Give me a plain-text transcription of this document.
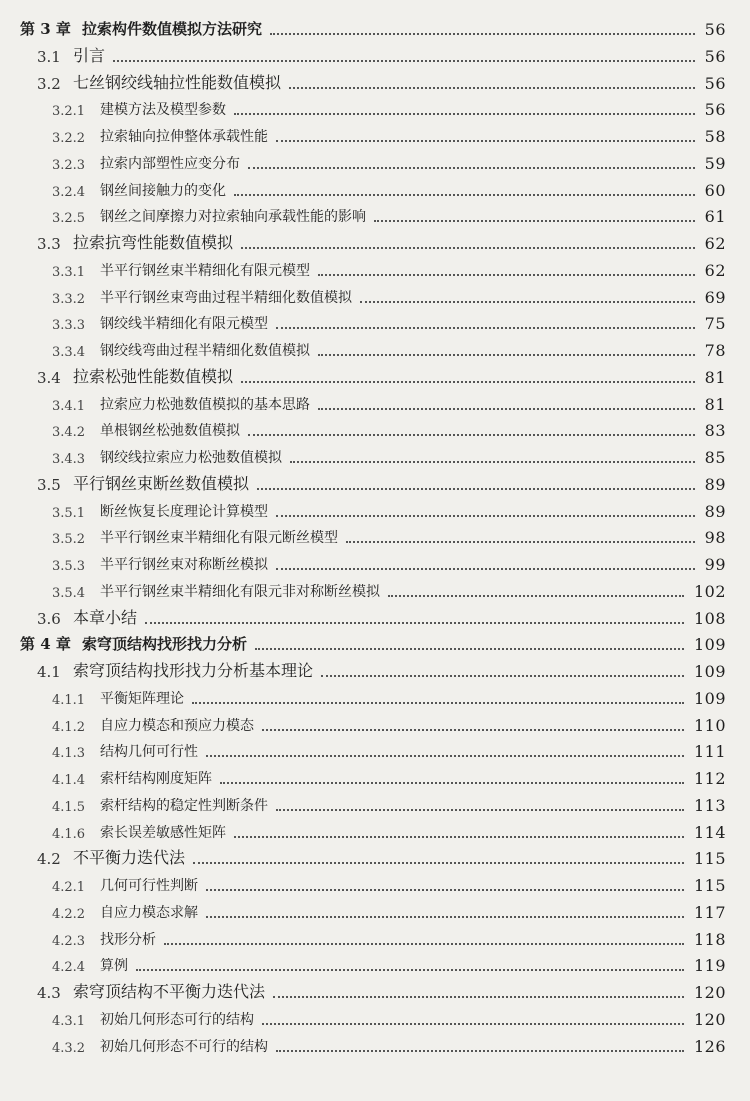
第 3 章 拉索构件数值模拟方法研究	56
3.1 引言	56
3.2 七丝钢绞线轴拉性能数值模拟	56
3.2.1	建模方法及模型参数	56
3.2.2	拉索轴向拉伸整体承载性能	58
3.2.3	拉索内部塑性应变分布	59
3.2.4	钢丝间接触力的变化	60
3.2.5	钢丝之间摩擦力对拉索轴向承载性能的影响	61
3.3 拉索抗弯性能数值模拟	62
3.3.1	半平行钢丝束半精细化有限元模型	62
3.3.2	半平行钢丝束弯曲过程半精细化数值模拟	69
3.3.3	钢绞线半精细化有限元模型	75
3.3.4	钢绞线弯曲过程半精细化数值模拟	78
3.4 拉索松弛性能数值模拟	81
3.4.1	拉索应力松弛数值模拟的基本思路	81
3.4.2	单根钢丝松弛数值模拟	83
3.4.3	钢绞线拉索应力松弛数值模拟	85
3.5 平行钢丝束断丝数值模拟	89
3.5.1	断丝恢复长度理论计算模型	89
3.5.2	半平行钢丝束半精细化有限元断丝模型	98
3.5.3	半平行钢丝束对称断丝模拟	99
3.5.4	半平行钢丝束半精细化有限元非对称断丝模拟	102
3.6 本章小结	108
第 4 章 索穹顶结构找形找力分析	109
4.1 索穹顶结构找形找力分析基本理论	109
4.1.1	平衡矩阵理论	109
4.1.2	自应力模态和预应力模态	110
4.1.3	结构几何可行性	111
4.1.4	索杆结构刚度矩阵	112
4.1.5	索杆结构的稳定性判断条件	113
4.1.6	索长误差敏感性矩阵	114
4.2 不平衡力迭代法	115
4.2.1	几何可行性判断	115
4.2.2	自应力模态求解	117
4.2.3	找形分析	118
4.2.4	算例	119
4.3 索穹顶结构不平衡力迭代法	120
4.3.1	初始几何形态可行的结构	120
4.3.2	初始几何形态不可行的结构	126
